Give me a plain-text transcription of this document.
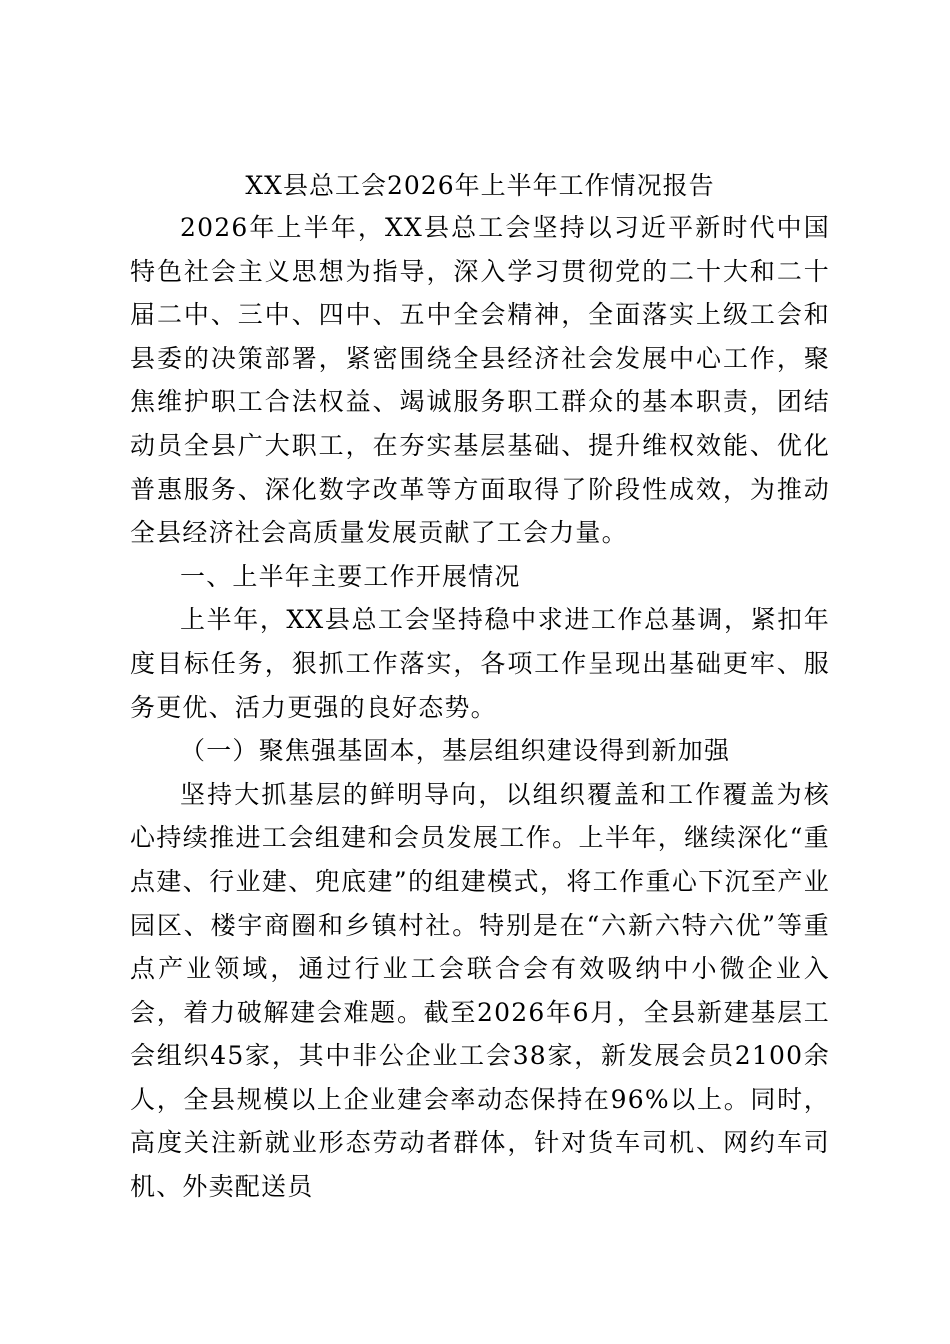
XX县总工会2026年上半年工作情况报告

2026年上半年，XX县总工会坚持以习近平新时代中国特色社会主义思想为指导，深入学习贯彻党的二十大和二十届二中、三中、四中、五中全会精神，全面落实上级工会和县委的决策部署，紧密围绕全县经济社会发展中心工作，聚焦维护职工合法权益、竭诚服务职工群众的基本职责，团结动员全县广大职工，在夯实基层基础、提升维权效能、优化普惠服务、深化数字改革等方面取得了阶段性成效，为推动全县经济社会高质量发展贡献了工会力量。

一、上半年主要工作开展情况

上半年，XX县总工会坚持稳中求进工作总基调，紧扣年度目标任务，狠抓工作落实，各项工作呈现出基础更牢、服务更优、活力更强的良好态势。

（一）聚焦强基固本，基层组织建设得到新加强

坚持大抓基层的鲜明导向，以组织覆盖和工作覆盖为核心持续推进工会组建和会员发展工作。上半年，继续深化“重点建、行业建、兜底建”的组建模式，将工作重心下沉至产业园区、楼宇商圈和乡镇村社。特别是在“六新六特六优”等重点产业领域，通过行业工会联合会有效吸纳中小微企业入会，着力破解建会难题。截至2026年6月，全县新建基层工会组织45家，其中非公企业工会38家，新发展会员2100余人，全县规模以上企业建会率动态保持在96%以上。同时，高度关注新就业形态劳动者群体，针对货车司机、网约车司机、外卖配送员
